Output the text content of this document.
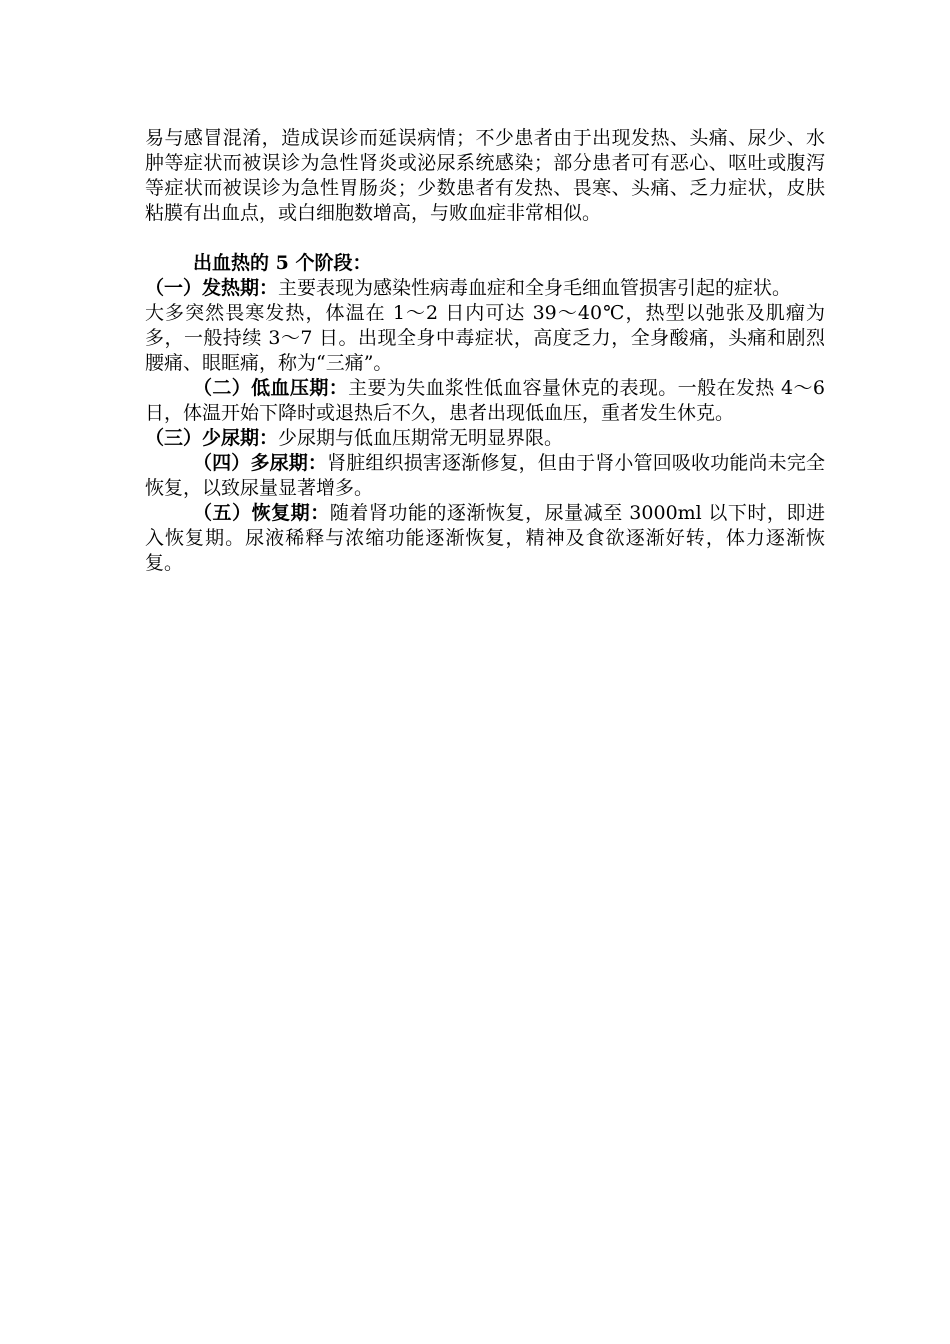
易与感冒混淆，造成误诊而延误病情；不少患者由于出现发热、头痛、尿少、水肿等症状而被误诊为急性肾炎或泌尿系统感染；部分患者可有恶心、呕吐或腹泻等症状而被误诊为急性胃肠炎；少数患者有发热、畏寒、头痛、乏力症状，皮肤粘膜有出血点，或白细胞数增高，与败血症非常相似。

出血热的 5 个阶段：

（一）发热期：主要表现为感染性病毒血症和全身毛细血管损害引起的症状。

大多突然畏寒发热，体温在 1～2 日内可达 39～40℃，热型以弛张及肌瘤为多，一般持续 3～7 日。出现全身中毒症状，高度乏力，全身酸痛，头痛和剧烈腰痛、眼眶痛，称为“三痛”。

（二）低血压期：主要为失血浆性低血容量休克的表现。一般在发热 4～6 日，体温开始下降时或退热后不久，患者出现低血压，重者发生休克。

（三）少尿期：少尿期与低血压期常无明显界限。

（四）多尿期：肾脏组织损害逐渐修复，但由于肾小管回吸收功能尚未完全恢复，以致尿量显著增多。

（五）恢复期：随着肾功能的逐渐恢复，尿量减至 3000ml 以下时，即进入恢复期。尿液稀释与浓缩功能逐渐恢复，精神及食欲逐渐好转，体力逐渐恢复。
